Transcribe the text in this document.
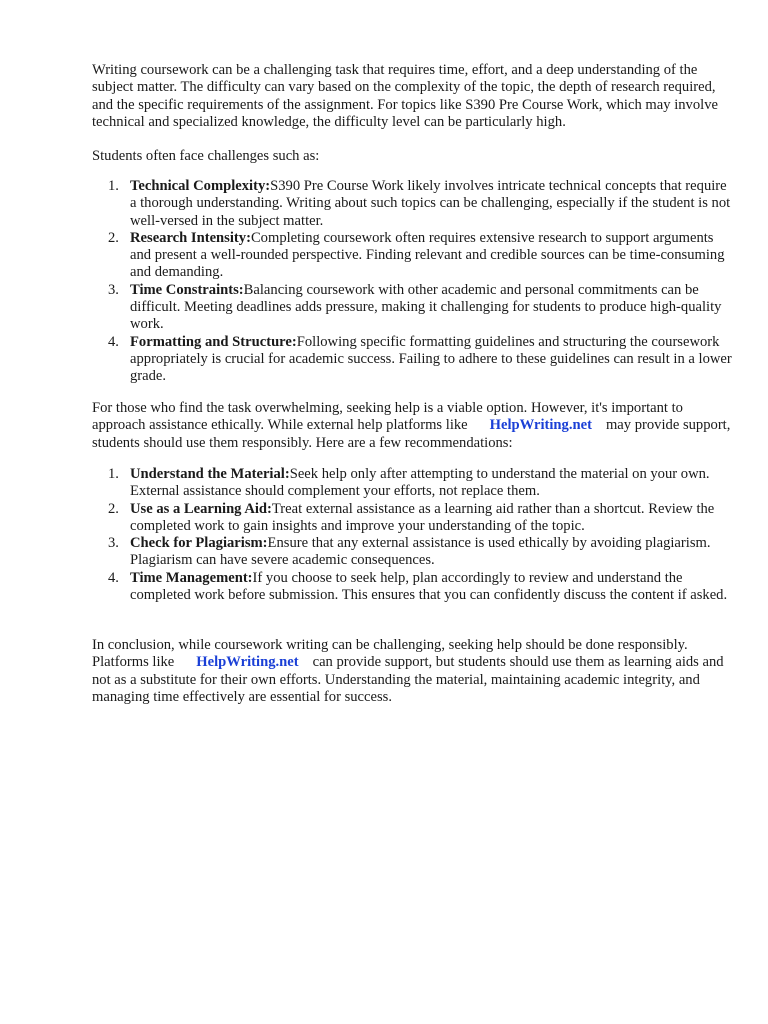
Writing coursework can be a challenging task that requires time, effort, and a deep understanding of the subject matter. The difficulty can vary based on the complexity of the topic, the depth of research required, and the specific requirements of the assignment. For topics like S390 Pre Course Work, which may involve technical and specialized knowledge, the difficulty level can be particularly high.

Students often face challenges such as:

1. Technical Complexity:S390 Pre Course Work likely involves intricate technical concepts that require a thorough understanding. Writing about such topics can be challenging, especially if the student is not well-versed in the subject matter.
2. Research Intensity:Completing coursework often requires extensive research to support arguments and present a well-rounded perspective. Finding relevant and credible sources can be time-consuming and demanding.
3. Time Constraints:Balancing coursework with other academic and personal commitments can be difficult. Meeting deadlines adds pressure, making it challenging for students to produce high-quality work.
4. Formatting and Structure:Following specific formatting guidelines and structuring the coursework appropriately is crucial for academic success. Failing to adhere to these guidelines can result in a lower grade.

For those who find the task overwhelming, seeking help is a viable option. However, it's important to approach assistance ethically. While external help platforms like HelpWriting.net may provide support, students should use them responsibly. Here are a few recommendations:

1. Understand the Material:Seek help only after attempting to understand the material on your own. External assistance should complement your efforts, not replace them.
2. Use as a Learning Aid:Treat external assistance as a learning aid rather than a shortcut. Review the completed work to gain insights and improve your understanding of the topic.
3. Check for Plagiarism:Ensure that any external assistance is used ethically by avoiding plagiarism. Plagiarism can have severe academic consequences.
4. Time Management:If you choose to seek help, plan accordingly to review and understand the completed work before submission. This ensures that you can confidently discuss the content if asked.

In conclusion, while coursework writing can be challenging, seeking help should be done responsibly. Platforms like HelpWriting.net can provide support, but students should use them as learning aids and not as a substitute for their own efforts. Understanding the material, maintaining academic integrity, and managing time effectively are essential for success.
